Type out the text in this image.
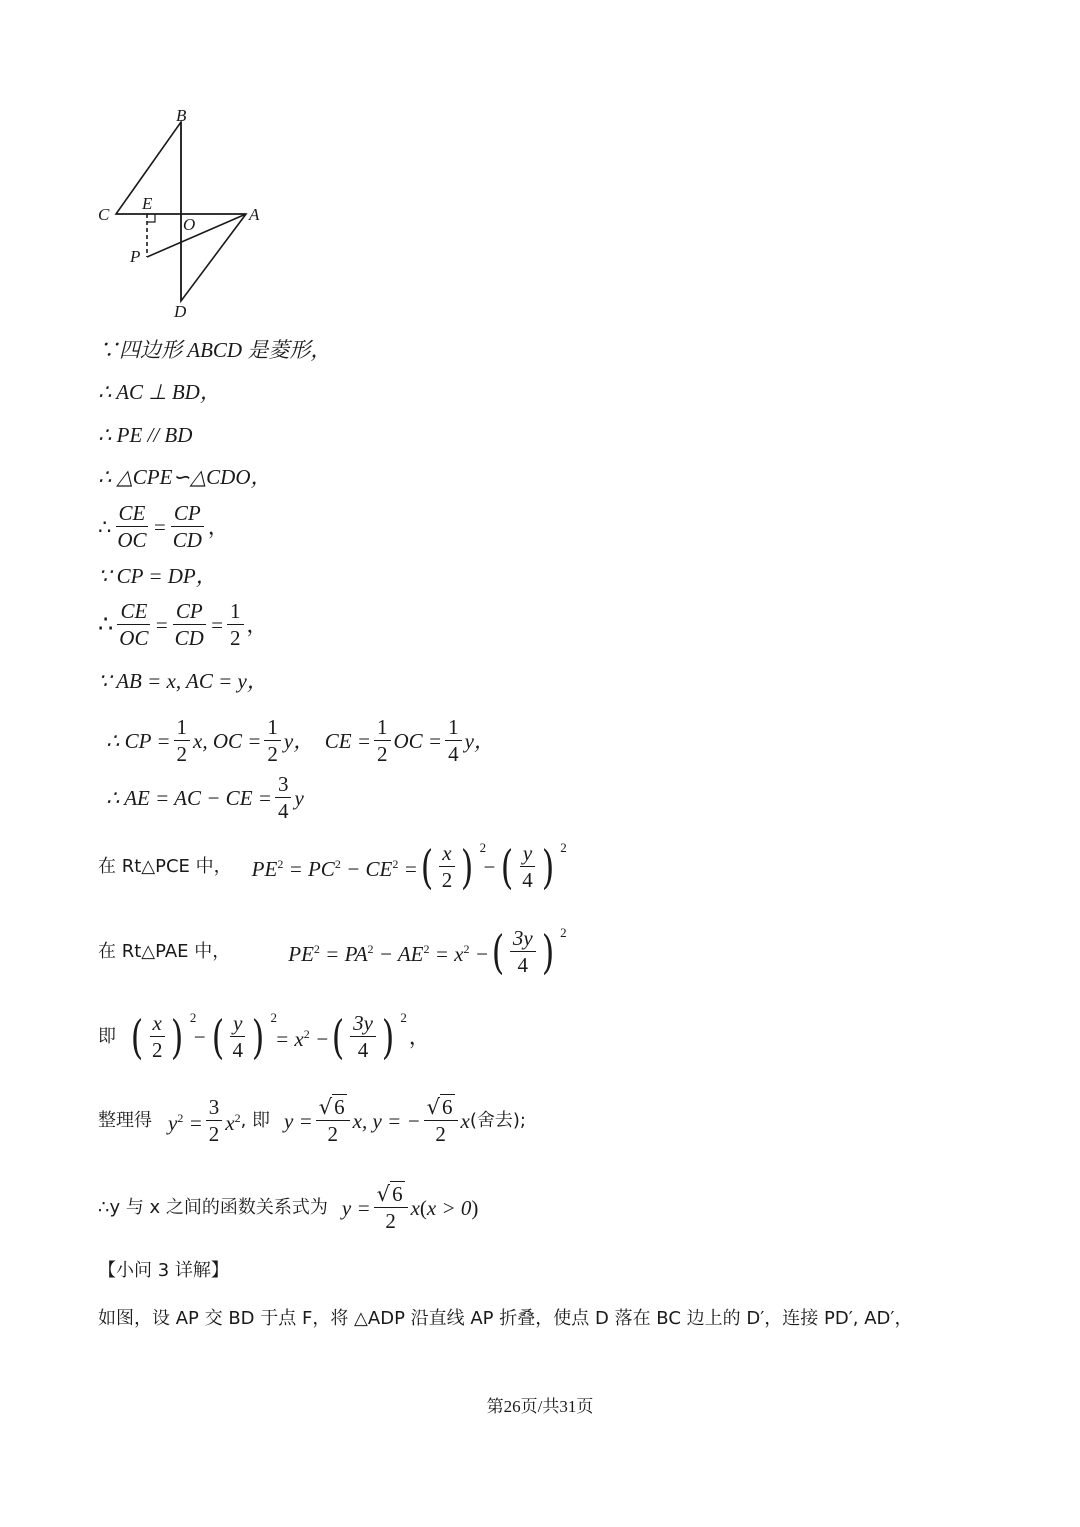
B
C	A
E
O
P
D
∵四边形 ABCD 是菱形，
∴ AC ⊥ BD，
∴ PE // BD
∴ △CPE∽△CDO，
∴ $\frac{CE}{OC} = \frac{CP}{CD}$ ，
∵ CP = DP，
∴ $\frac{CE}{OC} = \frac{CP}{CD} = \frac{1}{2}$ ，
∵ AB = x, AC = y，
∴ CP = $\frac{1}{2} x$, OC = $\frac{1}{2}$ y，  CE = $\frac{1}{2}$ OC = $\frac{1}{4}$ y，
∴ AE = AC − CE = $\frac{3}{4}$ y
在 Rt△PCE 中， $PE^2 = PC^2 - CE^2$ = ( $\frac{x}{2}$ ) 2
− ( $\frac{y}{4}$ ) 2
在 Rt△PAE 中，	$PE^2 = PA^2 - AE^2 = x^2$ − ( $\frac{3y}{4}$ ) 2
即 ( $\frac{x}{2}$ ) 2
− ( $\frac{y}{4}$ ) 2
= $x^2$ − ( $\frac{3y}{4}$ ) 2
，
整理得 $y^2 = \frac{3}{2} x^2$ , 即 $y = \frac{√6}{2} x$, y = − $\frac{√6}{2}$ x (舍去);
∴y 与 x 之间的函数关系式为 $y = \frac{√6}{2} x(x > 0)$
【小问 3 详解】
如图，设 AP 交 BD 于点 F，将 △ADP 沿直线 AP 折叠，使点 D 落在 BC 边上的 D′，连接 PD′, AD′，
第26页/共31页
